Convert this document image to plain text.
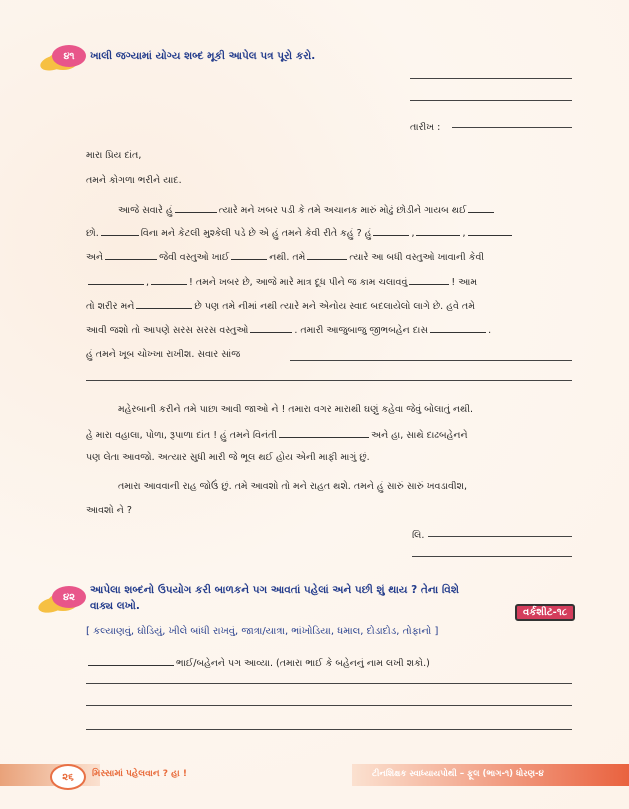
૪૧	ખાલી જગ્યામાં યોગ્ય શબ્દ મૂકી આપેલ પત્ર પૂરો કરો.
તારીખ :
મારા પ્રિય દાંત,
તમને કોગળા ભરીને યાદ.
આજે સવારે હું	ત્યારે મને ખબર પડી કે તમે અચાનક મારું મોઢું છોડીને ગાયબ થઈ
છો.	વિના મને કેટલી મુશ્કેલી પડે છે એ હું તમને કેવી રીતે કહું ? હું	,	,
અને	જેવી વસ્તુઓ ખાઈ	નથી. તમે	ત્યારે આ બધી વસ્તુઓ ખાવાની કેવી
,	! તમને ખબર છે, આજે મારે માત્ર દૂધ પીને જ કામ ચલાવવું	! આમ
તો શરીર મને	છે પણ તમે નીમાં નથી ત્યારે મને એનોય સ્વાદ બદલાયેલો લાગે છે. હવે તમે
આવી જશો તો આપણે સરસ સરસ વસ્તુઓ	. તમારી આજુબાજુ જીભબહેન દાસ	.
હું તમને ખૂબ ચોખ્ખા રાખીશ. સવાર સાંજ
મહેરબાની કરીને તમે પાછા આવી જાઓ ને ! તમારા વગર મારાથી ઘણું કહેવા જેવું બોલાતું નથી.
હે મારા વહાલા, પોળા, રૂપાળા દાંત ! હું તમને વિનંતી	અને હા, સાથે દાઢબહેનને
પણ લેતા આવજો. અત્યાર સુધી મારી જે ભૂલ થઈ હોય એની માફી માગું છું.
તમારા આવવાની રાહ જોઉં છું. તમે આવશો તો મને રાહત થશે. તમને હું સારું સારું ખવડાવીશ,
આવશો ને ?
લિ.
૪૨
આપેલા શબ્દનો ઉપયોગ કરી બાળકને પગ આવતાં પહેલાં અને પછી શું થાય ? તેના વિશે
વાક્ય લખો.
વર્કશીટ-૧૮
[ કલ્યાણવું, ઘોડિયું, ખીલે બાંધી રાખવું, જાત્રા/યાત્રા, ભાંખોડિયા, ધમાલ, દોડાદોડ, તોફાનો ]
ભાઈ/બહેનને પગ આવ્યા. (તમારા ભાઈ કે બહેનનું નામ લખી શકો.)
૨૬	મિસ્સામાં પહેલવાન ? હા !	ટીનશિક્ષક સ્વાધ્યાયપોથી – ફૂલ (ભાગ-૧) ધોરણ-૪
